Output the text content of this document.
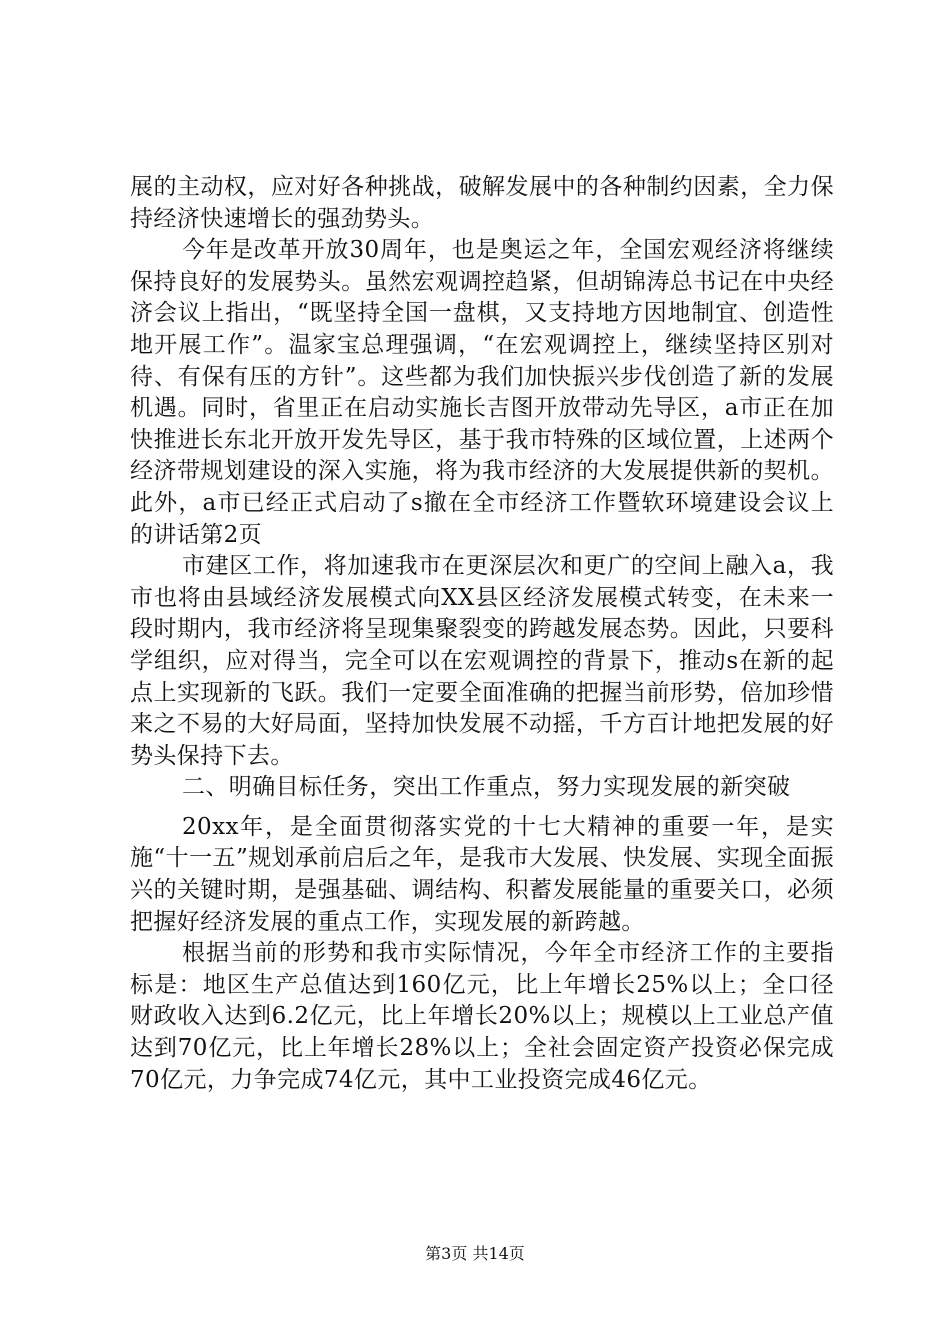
展的主动权，应对好各种挑战，破解发展中的各种制约因素，全力保持经济快速增长的强劲势头。

今年是改革开放30周年，也是奥运之年，全国宏观经济将继续保持良好的发展势头。虽然宏观调控趋紧，但胡锦涛总书记在中央经济会议上指出，“既坚持全国一盘棋，又支持地方因地制宜、创造性地开展工作”。温家宝总理强调，“在宏观调控上，继续坚持区别对待、有保有压的方针”。这些都为我们加快振兴步伐创造了新的发展机遇。同时，省里正在启动实施长吉图开放带动先导区，a市正在加快推进长东北开放开发先导区，基于我市特殊的区域位置，上述两个经济带规划建设的深入实施，将为我市经济的大发展提供新的契机。此外，a市已经正式启动了s撤在全市经济工作暨软环境建设会议上的讲话第2页

市建区工作，将加速我市在更深层次和更广的空间上融入a，我市也将由县域经济发展模式向XX县区经济发展模式转变，在未来一段时期内，我市经济将呈现集聚裂变的跨越发展态势。因此，只要科学组织，应对得当，完全可以在宏观调控的背景下，推动s在新的起点上实现新的飞跃。我们一定要全面准确的把握当前形势，倍加珍惜来之不易的大好局面，坚持加快发展不动摇，千方百计地把发展的好势头保持下去。

二、明确目标任务，突出工作重点，努力实现发展的新突破

20xx年，是全面贯彻落实党的十七大精神的重要一年，是实施“十一五”规划承前启后之年，是我市大发展、快发展、实现全面振兴的关键时期，是强基础、调结构、积蓄发展能量的重要关口，必须把握好经济发展的重点工作，实现发展的新跨越。

根据当前的形势和我市实际情况，今年全市经济工作的主要指标是：地区生产总值达到160亿元，比上年增长25%以上；全口径财政收入达到6.2亿元，比上年增长20%以上；规模以上工业总产值达到70亿元，比上年增长28%以上；全社会固定资产投资必保完成70亿元，力争完成74亿元，其中工业投资完成46亿元。

第3页 共14页
